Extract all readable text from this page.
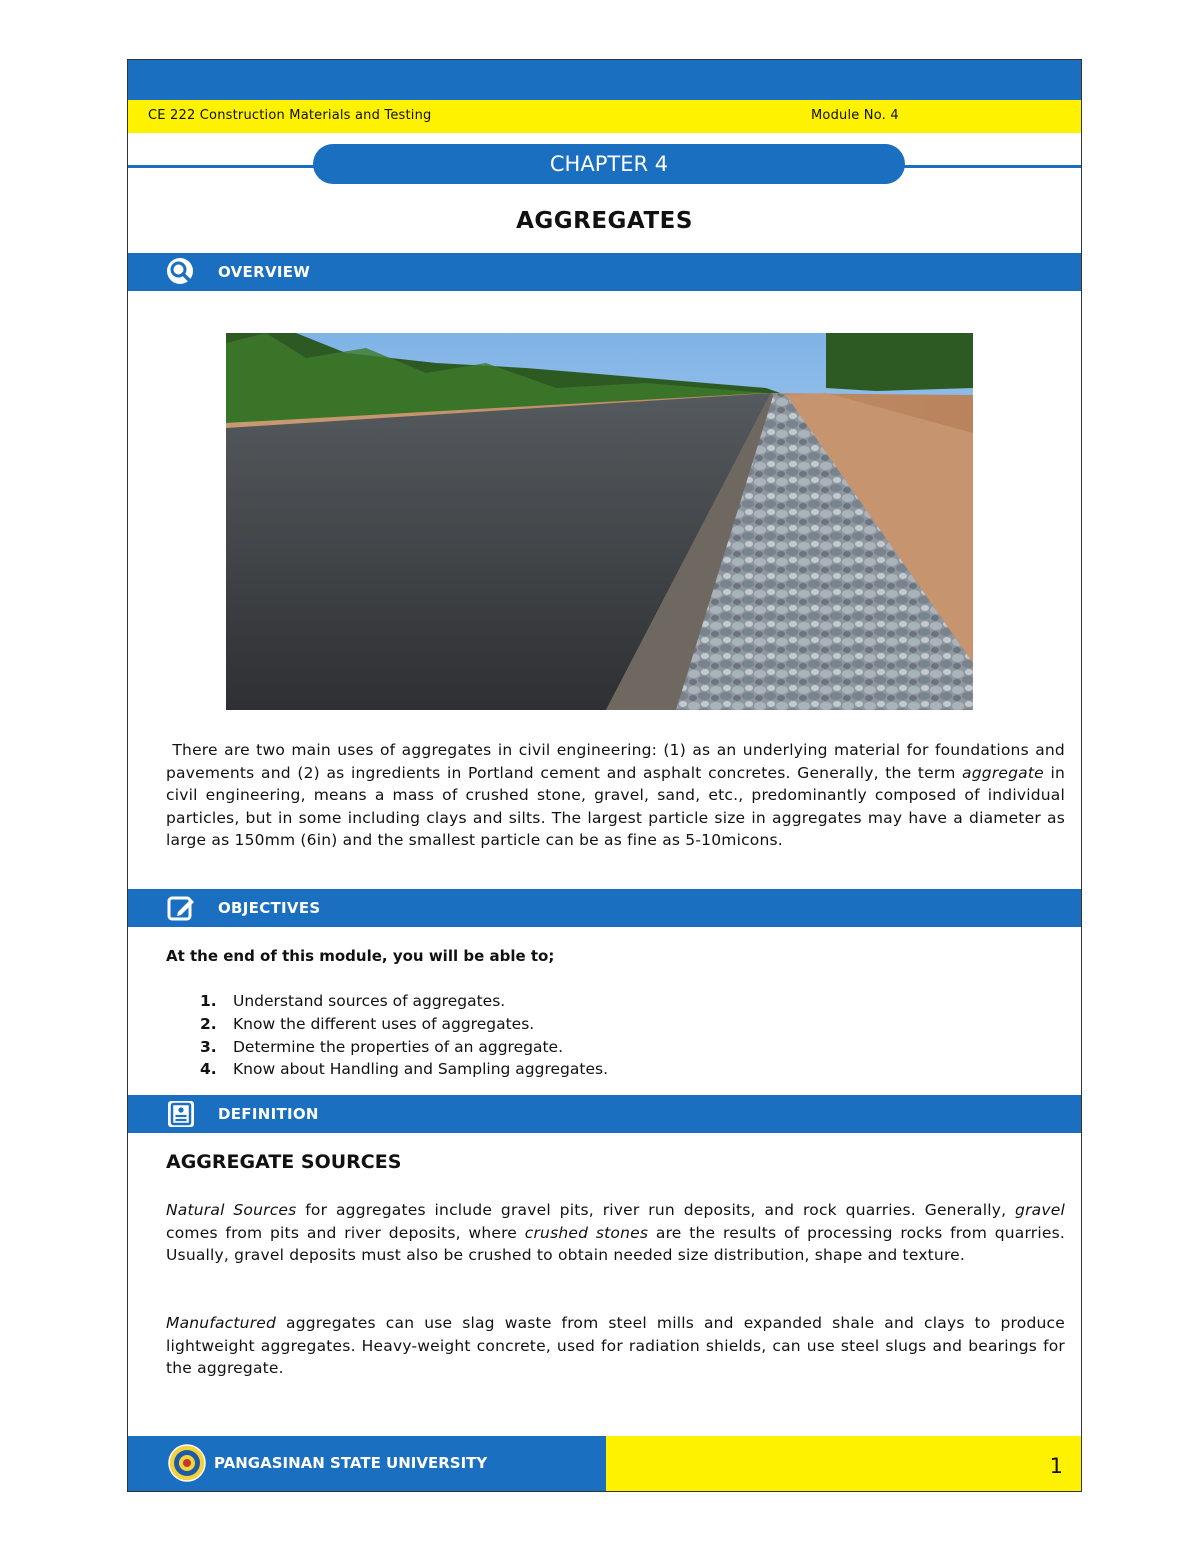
CE 222 Construction Materials and Testing	Module No. 4
CHAPTER 4
AGGREGATES
OVERVIEW
There are two main uses of aggregates in civil engineering: (1) as an underlying material for foundations and pavements and (2) as ingredients in Portland cement and asphalt concretes. Generally, the term aggregate in civil engineering, means a mass of crushed stone, gravel, sand, etc., predominantly composed of individual particles, but in some including clays and silts. The largest particle size in aggregates may have a diameter as large as 150mm (6in) and the smallest particle can be as fine as 5-10micons.
OBJECTIVES
At the end of this module, you will be able to;
1.	Understand sources of aggregates.
2.	Know the different uses of aggregates.
3.	Determine the properties of an aggregate.
4.	Know about Handling and Sampling aggregates.
DEFINITION
AGGREGATE SOURCES
Natural Sources for aggregates include gravel pits, river run deposits, and rock quarries. Generally, gravel comes from pits and river deposits, where crushed stones are the results of processing rocks from quarries. Usually, gravel deposits must also be crushed to obtain needed size distribution, shape and texture.
Manufactured aggregates can use slag waste from steel mills and expanded shale and clays to produce lightweight aggregates. Heavy-weight concrete, used for radiation shields, can use steel slugs and bearings for the aggregate.
PANGASINAN STATE UNIVERSITY	1
